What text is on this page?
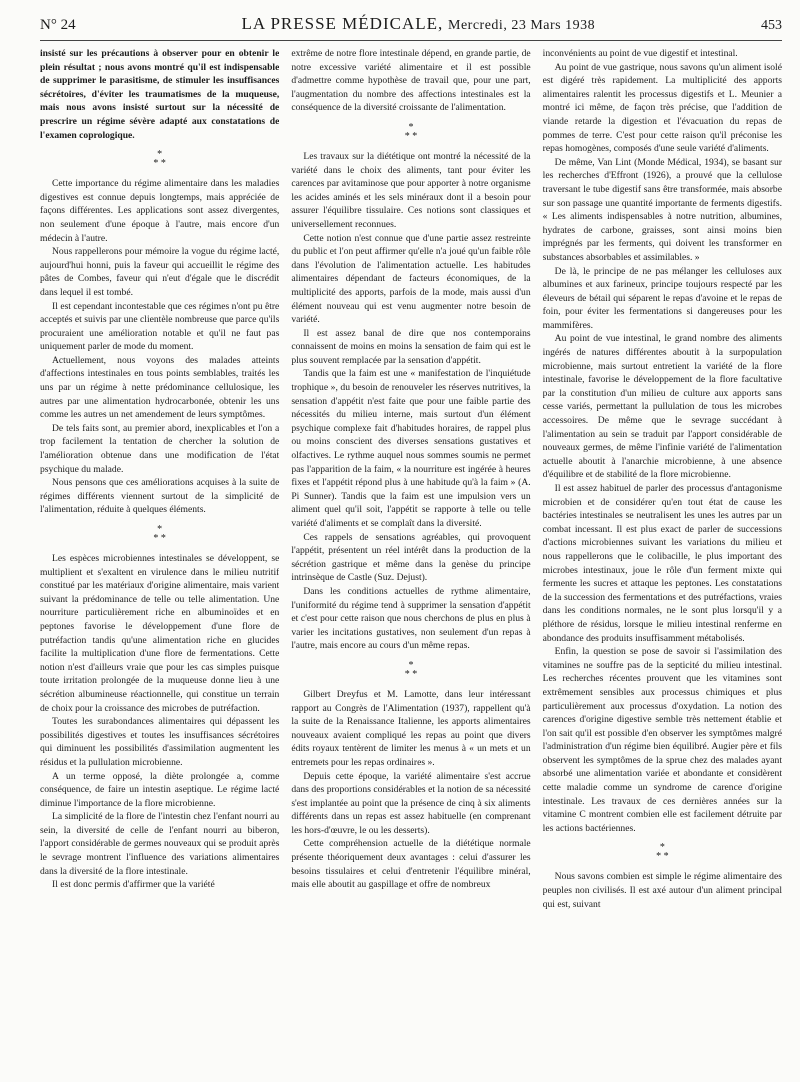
N° 24	LA PRESSE MÉDICALE, Mercredi, 23 Mars 1938	453

insisté sur les précautions à observer pour en obtenir le plein résultat ; nous avons montré qu'il est indispensable de supprimer le parasitisme, de stimuler les insuffisances sécrétoires, d'éviter les traumatismes de la muqueuse, mais nous avons insisté surtout sur la nécessité de prescrire un régime sévère adapté aux constatations de l'examen coprologique.

*
* *

Cette importance du régime alimentaire dans les maladies digestives est connue depuis longtemps, mais appréciée de façons différentes. Les applications sont assez divergentes, non seulement d'une époque à l'autre, mais encore d'un médecin à l'autre.

Nous rappellerons pour mémoire la vogue du régime lacté, aujourd'hui honni, puis la faveur qui accueillit le régime des pâtes de Combes, faveur qui n'eut d'égale que le discrédit dans lequel il est tombé.

Il est cependant incontestable que ces régimes n'ont pu être acceptés et suivis par une clientèle nombreuse que parce qu'ils procuraient une amélioration notable et qu'il ne faut pas uniquement parler de mode du moment.

Actuellement, nous voyons des malades atteints d'affections intestinales en tous points semblables, traités les uns par un régime à nette prédominance cellulosique, les autres par une alimentation hydrocarbonée, obtenir les uns comme les autres un net amendement de leurs symptômes.

De tels faits sont, au premier abord, inexplicables et l'on a trop facilement la tentation de chercher la solution de l'amélioration obtenue dans une modification de l'état psychique du malade.

Nous pensons que ces améliorations acquises à la suite de régimes différents viennent surtout de la simplicité de l'alimentation, réduite à quelques éléments.

*
* *

Les espèces microbiennes intestinales se développent, se multiplient et s'exaltent en virulence dans le milieu nutritif constitué par les matériaux d'origine alimentaire, mais varient suivant la prédominance de telle ou telle alimentation. Une nourriture particulièrement riche en albuminoïdes et en peptones favorise le développement d'une flore de putréfaction tandis qu'une alimentation riche en glucides facilite la multiplication d'une flore de fermentations. Cette notion n'est d'ailleurs vraie que pour les cas simples puisque toute irritation prolongée de la muqueuse donne lieu à une sécrétion albumineuse réactionnelle, qui constitue un terrain de choix pour la croissance des microbes de putréfaction.

Toutes les surabondances alimentaires qui dépassent les possibilités digestives et toutes les insuffisances sécrétoires qui diminuent les possibilités d'assimilation augmentent les résidus et la pullulation microbienne.

A un terme opposé, la diète prolongée a, comme conséquence, de faire un intestin aseptique. Le régime lacté diminue l'importance de la flore microbienne.

La simplicité de la flore de l'intestin chez l'enfant nourri au sein, la diversité de celle de l'enfant nourri au biberon, l'apport considérable de germes nouveaux qui se produit après le sevrage montrent l'influence des variations alimentaires dans la diversité de la flore intestinale.

Il est donc permis d'affirmer que la variété

extrême de notre flore intestinale dépend, en grande partie, de notre excessive variété alimentaire et il est possible d'admettre comme hypothèse de travail que, pour une part, l'augmentation du nombre des affections intestinales est la conséquence de la diversité croissante de l'alimentation.

*
* *

Les travaux sur la diététique ont montré la nécessité de la variété dans le choix des aliments, tant pour éviter les carences par avitaminose que pour apporter à notre organisme les acides aminés et les sels minéraux dont il a besoin pour assurer l'équilibre tissulaire. Ces notions sont classiques et universellement reconnues.

Cette notion n'est connue que d'une partie assez restreinte du public et l'on peut affirmer qu'elle n'a joué qu'un faible rôle dans l'évolution de l'alimentation actuelle. Les habitudes alimentaires dépendant de facteurs économiques, de la multiplicité des apports, parfois de la mode, mais aussi d'un élément nouveau qui est venu augmenter notre besoin de variété.

Il est assez banal de dire que nos contemporains connaissent de moins en moins la sensation de faim qui est le plus souvent remplacée par la sensation d'appétit.

Tandis que la faim est une « manifestation de l'inquiétude trophique », du besoin de renouveler les réserves nutritives, la sensation d'appétit n'est faite que pour une faible partie des nécessités du milieu interne, mais surtout d'un élément psychique complexe fait d'habitudes horaires, de rappel plus ou moins conscient des diverses sensations gustatives et olfactives. Le rythme auquel nous sommes soumis ne permet pas l'apparition de la faim, « la nourriture est ingérée à heures fixes et l'appétit répond plus à une habitude qu'à la faim » (A. Pi Sunner). Tandis que la faim est une impulsion vers un aliment quel qu'il soit, l'appétit se rapporte à telle ou telle variété d'aliments et se complaît dans la diversité.

Ces rappels de sensations agréables, qui provoquent l'appétit, présentent un réel intérêt dans la production de la sécrétion gastrique et même dans la genèse du principe intrinsèque de Castle (Suz. Dejust).

Dans les conditions actuelles de rythme alimentaire, l'uniformité du régime tend à supprimer la sensation d'appétit et c'est pour cette raison que nous cherchons de plus en plus à varier les incitations gustatives, non seulement d'un repas à l'autre, mais encore au cours d'un même repas.

*
* *

Gilbert Dreyfus et M. Lamotte, dans leur intéressant rapport au Congrès de l'Alimentation (1937), rappellent qu'à la suite de la Renaissance Italienne, les apports alimentaires nouveaux avaient compliqué les repas au point que divers édits royaux tentèrent de limiter les menus à « un mets et un entremets pour les repas ordinaires ».

Depuis cette époque, la variété alimentaire s'est accrue dans des proportions considérables et la notion de sa nécessité s'est implantée au point que la présence de cinq à six aliments différents dans un repas est assez habituelle (en comprenant les hors-d'œuvre, le ou les desserts).

Cette compréhension actuelle de la diététique normale présente théoriquement deux avantages : celui d'assurer les besoins tissulaires et celui d'entretenir l'équilibre minéral, mais elle aboutit au gaspillage et offre de nombreux

inconvénients au point de vue digestif et intestinal.

Au point de vue gastrique, nous savons qu'un aliment isolé est digéré très rapidement. La multiplicité des apports alimentaires ralentit les processus digestifs et L. Meunier a montré ici même, de façon très précise, que l'addition de viande retarde la digestion et l'évacuation du repas de pommes de terre. C'est pour cette raison qu'il préconise les repas homogènes, composés d'une seule variété d'aliments.

De même, Van Lint (Monde Médical, 1934), se basant sur les recherches d'Effront (1926), a prouvé que la cellulose traversant le tube digestif sans être transformée, mais absorbe sur son passage une quantité importante de ferments digestifs. « Les aliments indispensables à notre nutrition, albumines, hydrates de carbone, graisses, sont ainsi moins bien imprégnés par les ferments, qui doivent les transformer en substances absorbables et assimilables. »

De là, le principe de ne pas mélanger les celluloses aux albumines et aux farineux, principe toujours respecté par les éleveurs de bétail qui séparent le repas d'avoine et le repas de foin, pour éviter les fermentations si dangereuses pour les mammifères.

Au point de vue intestinal, le grand nombre des aliments ingérés de natures différentes aboutit à la surpopulation microbienne, mais surtout entretient la variété de la flore intestinale, favorise le développement de la flore facultative par la constitution d'un milieu de culture aux apports sans cesse variés, permettant la pullulation de tous les microbes accessoires. De même que le sevrage succédant à l'alimentation au sein se traduit par l'apport considérable de nouveaux germes, de même l'infinie variété de l'alimentation actuelle aboutit à l'anarchie microbienne, à une absence d'équilibre et de stabilité de la flore microbienne.

Il est assez habituel de parler des processus d'antagonisme microbien et de considérer qu'en tout état de cause les bactéries intestinales se neutralisent les unes les autres par un combat incessant. Il est plus exact de parler de successions d'actions microbiennes suivant les variations du milieu et nous rappellerons que le colibacille, le plus important des microbes intestinaux, joue le rôle d'un ferment mixte qui fermente les sucres et attaque les peptones. Les constatations de la succession des fermentations et des putréfactions, vraies dans les conditions normales, ne le sont plus lorsqu'il y a pléthore de résidus, lorsque le milieu intestinal renferme en abondance des produits insuffisamment métabolisés.

Enfin, la question se pose de savoir si l'assimilation des vitamines ne souffre pas de la septicité du milieu intestinal. Les recherches récentes prouvent que les vitamines sont extrêmement sensibles aux processus chimiques et plus particulièrement aux processus d'oxydation. La notion des carences d'origine digestive semble très nettement établie et l'on sait qu'il est possible d'en observer les symptômes malgré l'administration d'un régime bien équilibré. Augier père et fils observent les symptômes de la sprue chez des malades ayant absorbé une alimentation variée et abondante et considèrent cette maladie comme un syndrome de carence d'origine intestinale. Les travaux de ces dernières années sur la vitamine C montrent combien elle est facilement détruite par les actions bactériennes.

*
* *

Nous savons combien est simple le régime alimentaire des peuples non civilisés. Il est axé autour d'un aliment principal qui est, suivant
